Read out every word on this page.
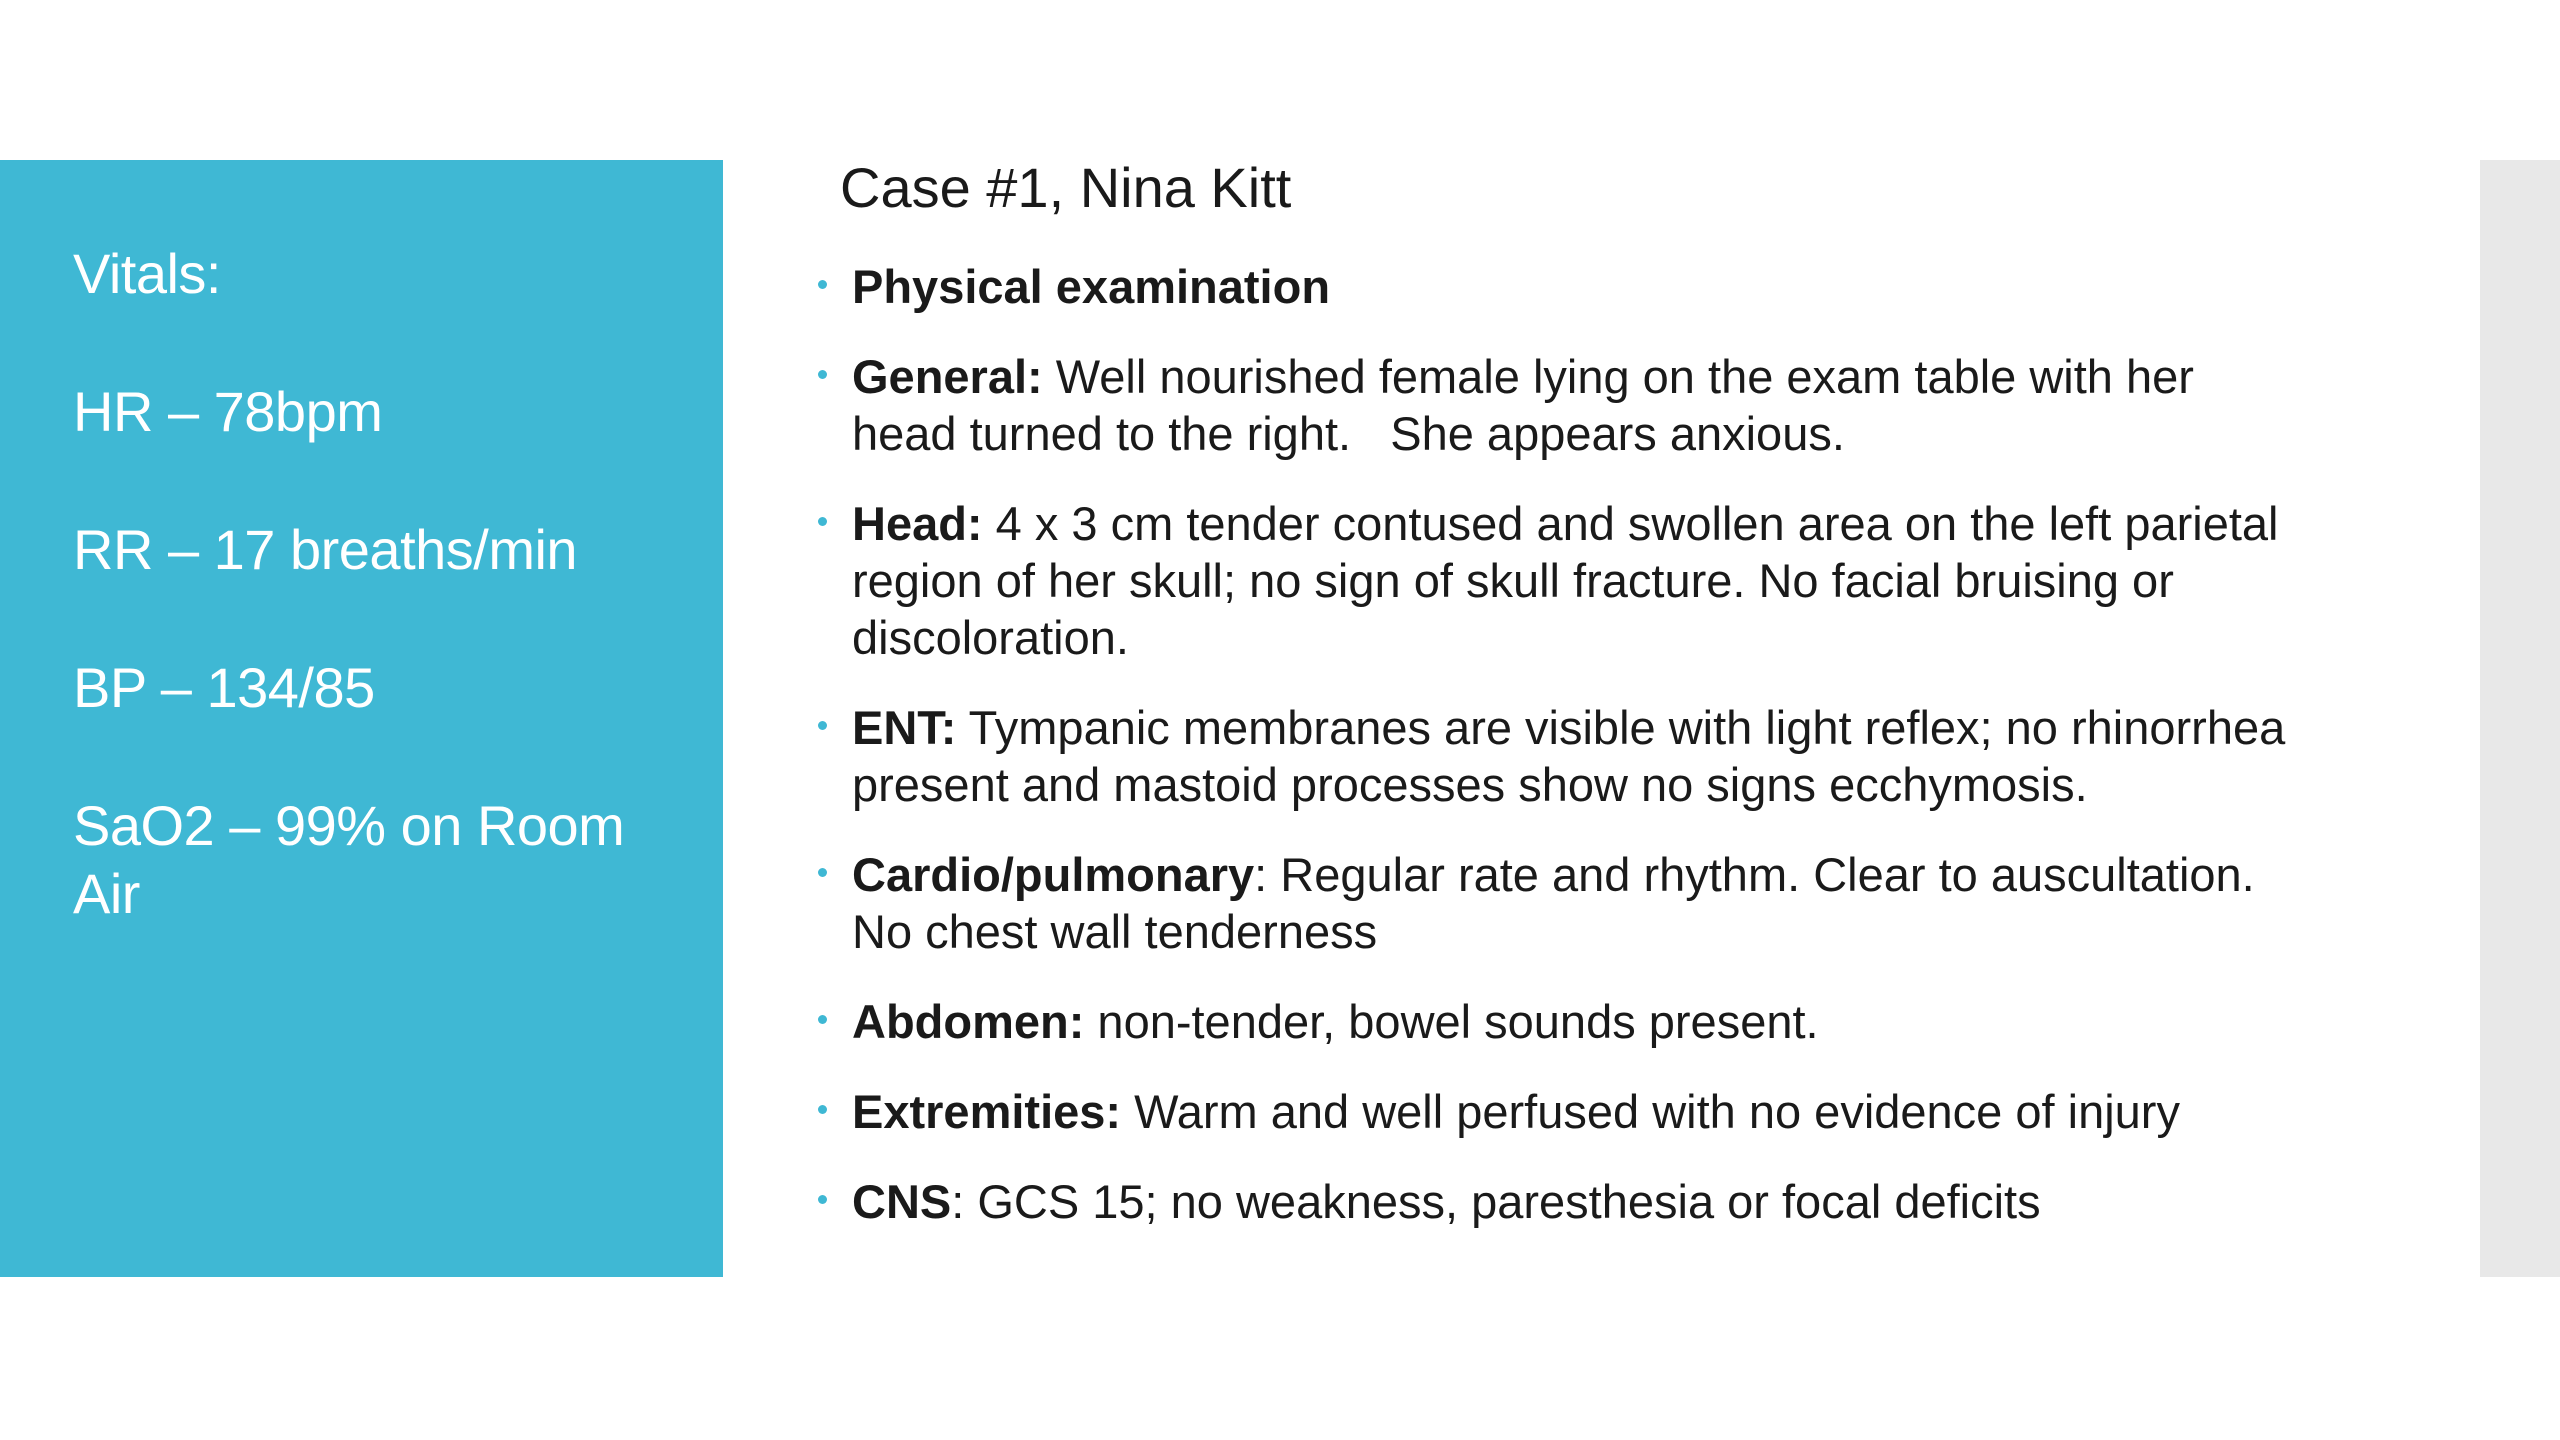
Vitals:
HR – 78bpm
RR – 17 breaths/min
BP – 134/85
SaO2 – 99% on Room Air
Case #1, Nina Kitt
Physical examination
General: Well nourished female lying on the exam table with her head turned to the right.   She appears anxious.
Head: 4 x 3 cm tender contused and swollen area on the left parietal region of her skull; no sign of skull fracture. No facial bruising or discoloration.
ENT: Tympanic membranes are visible with light reflex; no rhinorrhea present and mastoid processes show no signs ecchymosis.
Cardio/pulmonary: Regular rate and rhythm. Clear to auscultation. No chest wall tenderness
Abdomen: non-tender, bowel sounds present.
Extremities: Warm and well perfused with no evidence of injury
CNS: GCS 15; no weakness, paresthesia or focal deficits
